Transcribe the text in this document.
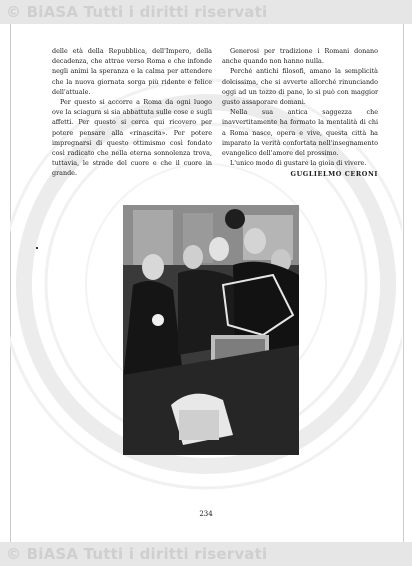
© BiASA Tutti i diritti riservati

delle età della Repubblica, dell'Impero, della decadenza, che attrae verso Roma e che infonde negli animi la speranza e la calma per attendere che la nuova giornata sorga più ridente e felice dell'attuale.

Per questo si accorre a Roma da ogni luogo ove la sciagura si sia abbattuta sulle cose e sugli affetti. Per questo si cerca qui ricovero per potere pensare alla «rinascita». Per potere impregnarsi di questo ottimismo così fondato così radicato che nella eterna sonnolenza trova, tuttavia, le strade del cuore e che il cuore in grande.

Generosi per tradizione i Romani donano anche quando non hanno nulla.

Perché antichi filosofi, amano la semplicità dolcissima, che si avverte allorché rinunciando oggi ad un tozzo di pane, lo si può con maggior gusto assaporare domani.

Nella sua antica saggezza che inavvertitamente ha formato la mentalità di chi a Roma nasce, opera e vive, questa città ha imparato la verità confortata nell'insegnamento evangelico dell'amore del prossimo.

L'unico modo di gustare la gioia di vivere.

GUGLIELMO CERONI
234
© BiASA Tutti i diritti riservati
